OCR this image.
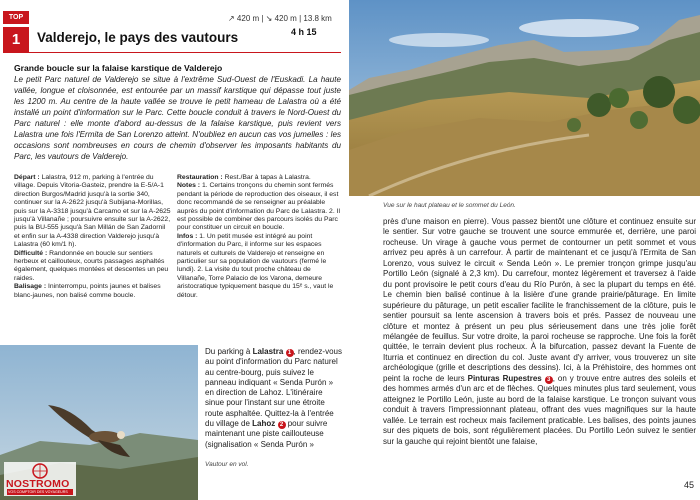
TOP
1
↗ 420 m | ↘ 420 m | 13.8 km
Valderejo, le pays des vautours	4 h 15
Grande boucle sur la falaise karstique de Valderejo
Le petit Parc naturel de Valderejo se situe à l'extrême Sud-Ouest de l'Euskadi. La haute vallée, longue et cloisonnée, est entourée par un massif karstique qui dépasse tout juste les 1200 m. Au centre de la haute vallée se trouve le petit hameau de Lalastra où a été installé un point d'information sur le Parc. Cette boucle conduit à travers le Nord-Ouest du Parc naturel : elle monte d'abord au-dessus de la falaise karstique, puis revient vers Lalastra une fois l'Ermita de San Lorenzo atteint. N'oubliez en aucun cas vos jumelles : les occasions sont nombreuses en cours de chemin d'observer les imposants habitants du Parc, les vautours de Valderejo.
Départ : Lalastra, 912 m, parking à l'entrée du village. Depuis Vitoria-Gasteiz, prendre la E-5/A-1 direction Burgos/Madrid jusqu'à la sortie 340, continuer sur la A-2622 jusqu'à Subijana-Morillas, puis sur la A-3318 jusqu'à Carcamo et sur la A-2625 jusqu'à Villanañe ; poursuivre ensuite sur la A-2622, puis la BU-555 jusqu'à San Millán de San Zadornil et enfin sur la A-4338 direction Valderejo jusqu'à Lalastra (60 km/1 h).
Difficulté : Randonnée en boucle sur sentiers herbeux et caillouteux, courts passages asphaltés également, quelques montées et descentes un peu raides.
Balisage : Ininterrompu, points jaunes et balises blanc-jaunes, non balisé comme boucle.
Restauration : Rest./Bar à tapas à Lalastra.
Notes : 1. Certains tronçons du chemin sont fermés pendant la période de reproduction des oiseaux, il est donc recommandé de se renseigner au préalable auprès du point d'information du Parc de Lalastra. 2. Il est possible de combiner des parcours isolés du Parc pour constituer un circuit en boucle.
Infos : 1. Un petit musée est intégré au point d'information du Parc, il informe sur les espaces naturels et culturels de Valderejo et renseigne en particulier sur sa population de vautours (fermé le lundi). 2. La visite du tout proche château de Villanañe, Torre Palacio de los Varona, demeure aristocratique typiquement basque du 15ᵉ s., vaut le détour.
Vue sur le haut plateau et le sommet du León.
NOSTROMO
VOS COMPTOIR DES VOYAGEURS
Du parking à Lalastra 1 , rendez-vous au point d'information du Parc naturel au centre-bourg, puis suivez le panneau indiquant « Senda Purón » en direction de Lahoz. L'itinéraire sinue pour l'instant sur une étroite route asphaltée. Quittez-la à l'entrée du village de Lahoz 2 pour suivre maintenant une piste caillouteuse (signalisation « Senda Purón »
Vautour en vol.
près d'une maison en pierre). Vous passez bientôt une clôture et continuez ensuite sur le sentier. Sur votre gauche se trouvent une source emmurée et, derrière, une paroi rocheuse. Un virage à gauche vous permet de contourner un petit sommet et vous arrivez peu après à un carrefour. À partir de maintenant et ce jusqu'à l'Ermita de San Lorenzo, vous suivez le circuit « Senda León ». Le premier tronçon grimpe jusqu'au Portillo León (signalé à 2,3 km). Du carrefour, montez légèrement et traversez à l'aide du pont provisoire le petit cours d'eau du Río Purón, à sec la plupart du temps en été. Le chemin bien balisé continue à la lisière d'une grande prairie/pâturage. En limite supérieure du pâturage, un petit escalier facilite le franchissement de la clôture, puis le sentier poursuit sa lente ascension à travers bois et prés. Passez de nouveau une clôture et montez à présent un peu plus sérieusement dans une très jolie forêt mélangée de feuillus. Sur votre droite, la paroi rocheuse se rapproche. Une fois la forêt quittée, le terrain devient plus rocheux. À la bifurcation, passez devant la Fuente de Iturria et continuez en direction du col. Juste avant d'y arriver, vous trouverez un site archéologique (grille et descriptions des dessins). Ici, à la Préhistoire, des hommes ont peint la roche de leurs Pinturas Rupestres 3 , on y trouve entre autres des soleils et des hommes armés d'un arc et de flèches. Quelques minutes plus tard seulement, vous atteignez le Portillo León, juste au bord de la falaise karstique. Le tronçon suivant vous conduit à travers l'impressionnant plateau, offrant des vues magnifiques sur la haute vallée. Le terrain est rocheux mais facilement praticable. Les balises, des points jaunes sur des piquets de bois, sont régulièrement placées. Du Portillo León suivez le sentier sur la gauche qui rejoint bientôt une falaise,
45
